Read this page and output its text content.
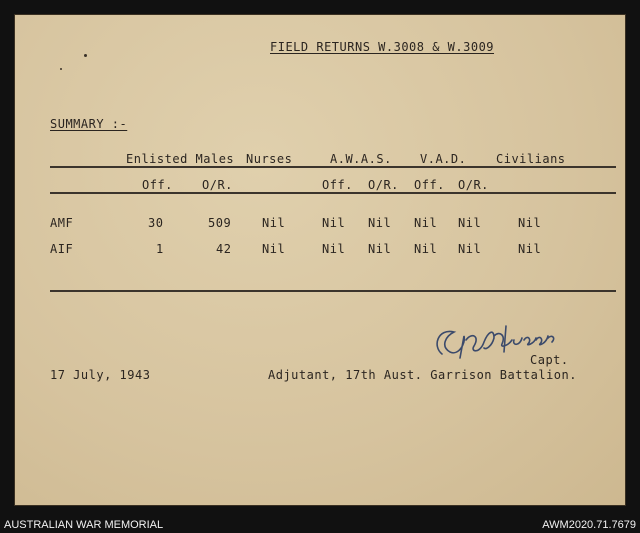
FIELD RETURNS W.3008 & W.3009
SUMMARY :-
Enlisted Males Nurses	A.W.A.S. V.A.D. Civilians
Off. O/R.	Off. O/R. Off. O/R.
AMF	30	509	Nil	Nil Nil Nil Nil	Nil
AIF	1	42	Nil	Nil Nil Nil Nil	Nil
Capt.
17 July, 1943	Adjutant, 17th Aust. Garrison Battalion.
AUSTRALIAN WAR MEMORIAL	AWM2020.71.7679
